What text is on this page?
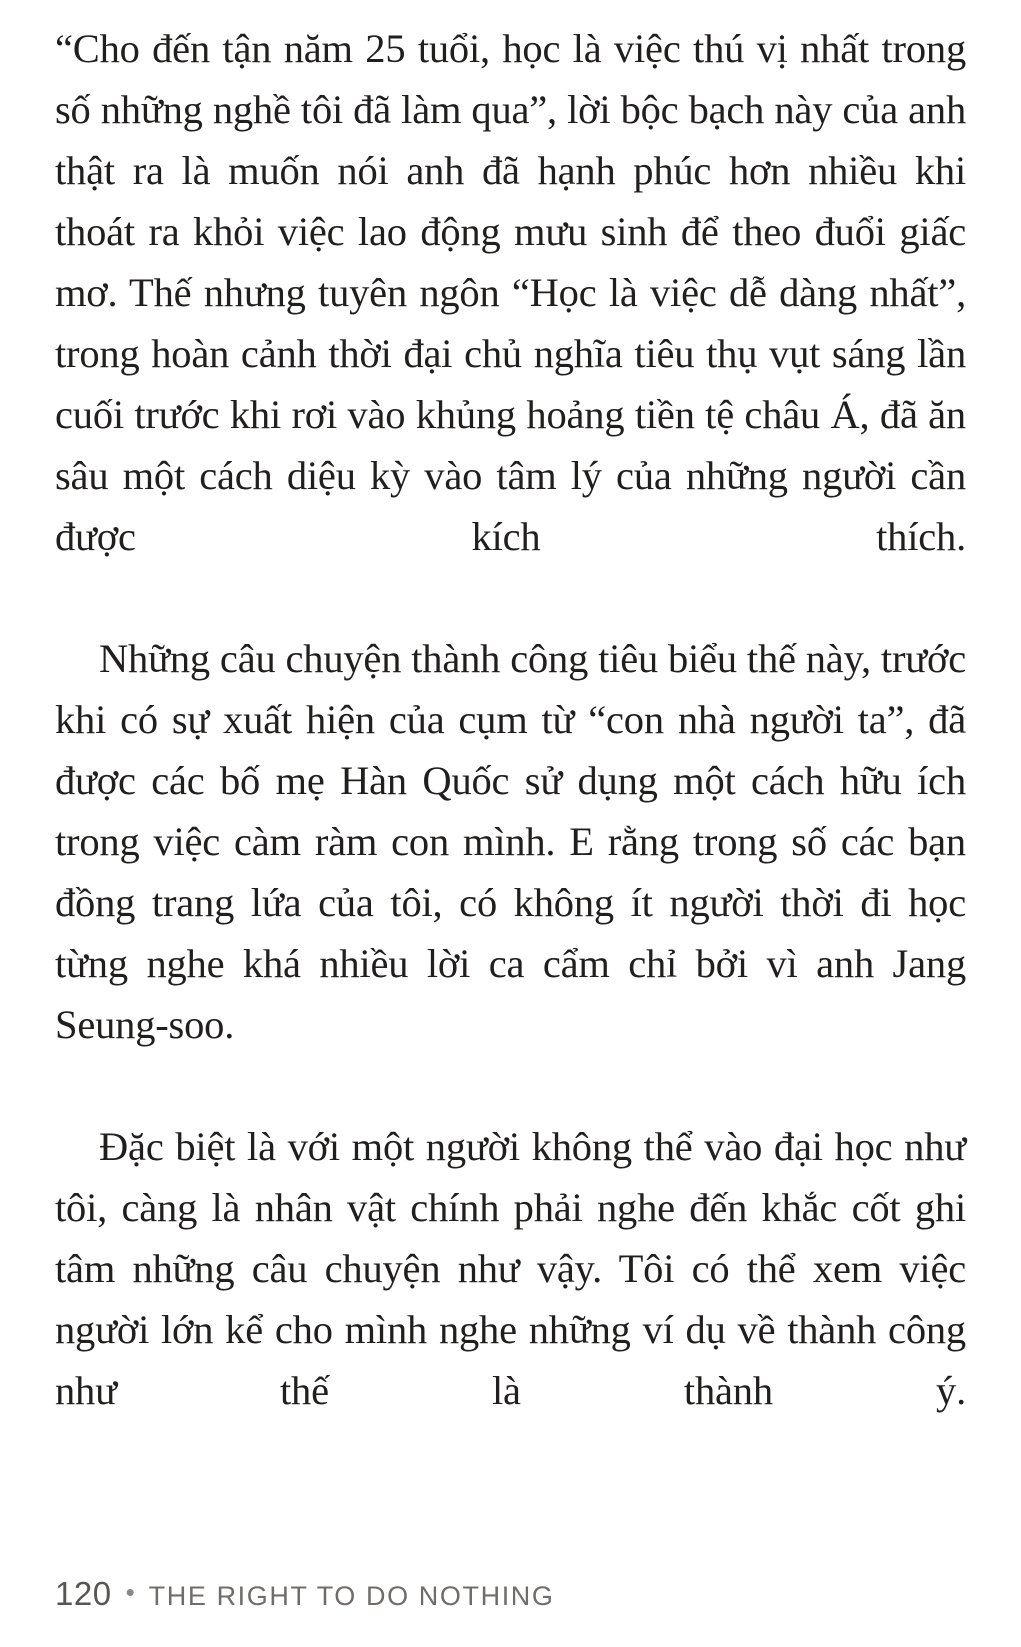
“Cho đến tận năm 25 tuổi, học là việc thú vị nhất trong số những nghề tôi đã làm qua”, lời bộc bạch này của anh thật ra là muốn nói anh đã hạnh phúc hơn nhiều khi thoát ra khỏi việc lao động mưu sinh để theo đuổi giấc mơ. Thế nhưng tuyên ngôn “Học là việc dễ dàng nhất”, trong hoàn cảnh thời đại chủ nghĩa tiêu thụ vụt sáng lần cuối trước khi rơi vào khủng hoảng tiền tệ châu Á, đã ăn sâu một cách diệu kỳ vào tâm lý của những người cần được kích thích.

Những câu chuyện thành công tiêu biểu thế này, trước khi có sự xuất hiện của cụm từ “con nhà người ta”, đã được các bố mẹ Hàn Quốc sử dụng một cách hữu ích trong việc càm ràm con mình. E rằng trong số các bạn đồng trang lứa của tôi, có không ít người thời đi học từng nghe khá nhiều lời ca cẩm chỉ bởi vì anh Jang Seung-soo.

Đặc biệt là với một người không thể vào đại học như tôi, càng là nhân vật chính phải nghe đến khắc cốt ghi tâm những câu chuyện như vậy. Tôi có thể xem việc người lớn kể cho mình nghe những ví dụ về thành công như thế là thành ý.

120 • THE RIGHT TO DO NOTHING
